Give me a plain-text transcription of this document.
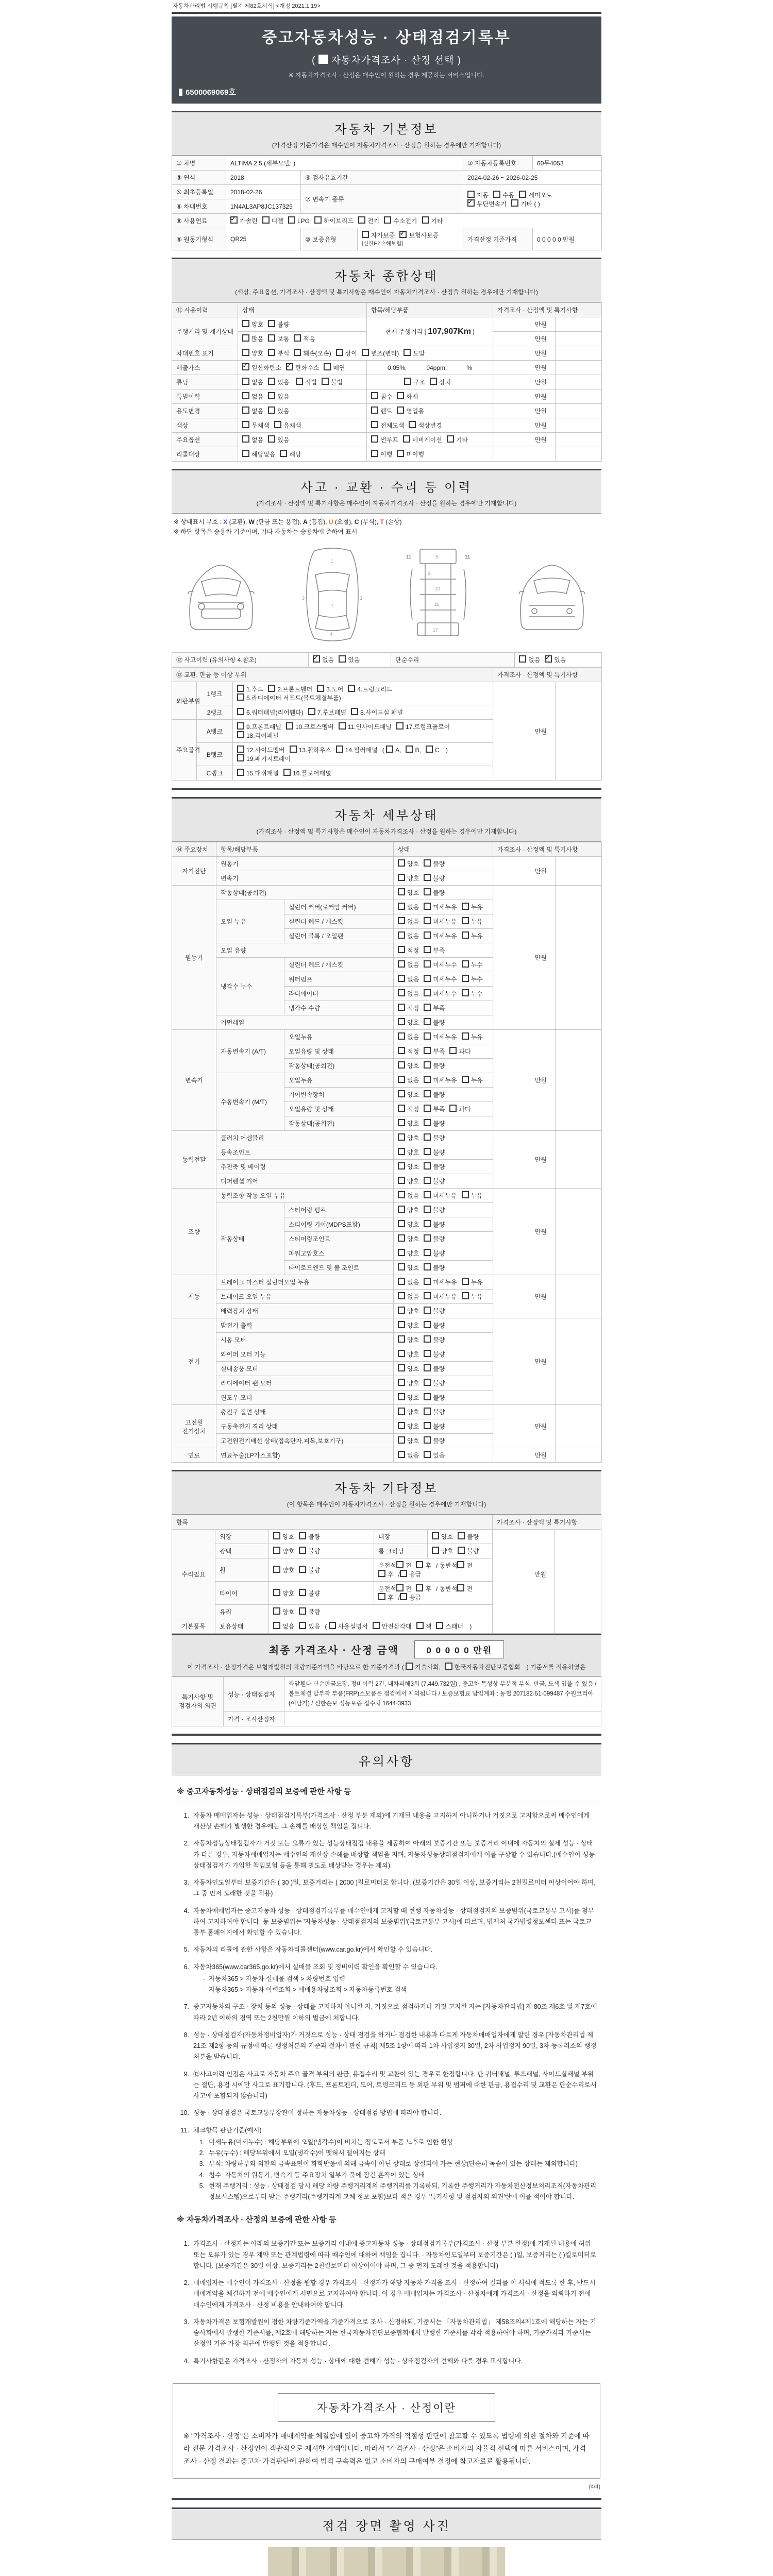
자동차관리법 시행규칙 [별지 제82호서식] <개정 2021.1.19>
중고자동차성능 · 상태점검기록부
( 자동차가격조사 · 산정 선택 )
※ 자동차가격조사 · 산정은 매수인이 원하는 경우 제공하는 서비스입니다.
6500069069호
자동차 기본정보
(가격산정 기준가격은 매수인이 자동차가격조사 · 산정을 원하는 경우에만 기재합니다)
① 차명	ALTIMA 2.5 (세부모델: )			② 자동차등록번호	60무4053
③ 연식	2018	④ 검사유효기간		2024-02-26 ~ 2026-02-25	
⑤ 최초등록일	2018-02-26	⑦ 변속기 종류		자동 수동 세미오토
✓무단변속기 기타 ( )
⑥ 차대번호	1N4AL3AP8JC137329				
⑧ 사용연료	✓가솔린 디젤 LPG 하이브리드 전기 수소전기 기타
⑨ 원동기형식	QR25	⑩ 보증유형	자가보증 ✓ 보험사보증[신한EZ손해보험]	가격산정 기준가격	0 0 0 0 0 만원
자동차 종합상태
(색상, 주요옵션, 가격조사 · 산정액 및 특기사항은 매수인이 자동차가격조사 · 산정을 원하는 경우에만 기재합니다)
⑪ 사용이력	상태	항목/해당부품	가격조사 · 산정액 및 특기사항	
주행거리 및 계기상태	양호 불량	현재 주행거리 [ 107,907Km ]	만원	
	많음 보통 적음		만원	
차대번호 표기	양호 부식 훼손(오손) 상이 변조(변타) 도말		만원	
배출가스	✓일산화탄소 ✓ 탄화수소 매연	0.05%, 04ppm, %	만원	
튜닝	없음 있음 적법 불법	구조 장치	만원	
특별이력	없음 있음	침수 화재	만원	
용도변경	없음 있음	렌트 영업용	만원	
색상	무채색 유채색	전체도색 색상변경	만원	
주요옵션	없음 있음	썬루프 네비게이션 기타	만원	
리콜대상	해당없음 해당	이행 미이행		
사고 · 교환 · 수리 등 이력
(가격조사 · 산정액 및 특기사항은 매수인이 자동차가격조사 · 산정을 원하는 경우에만 기재합니다)
※ 상태표시 부호 : X (교환), W (판금 또는 용접), A (흠집), U (요철), C (부식), T (손상)
※ 하단 항목은 승용차 기준이며, 기타 자동차는 승용차에 준하여 표시
1
3	3
7
4
5
9
10
16
17
11	11
⑫ 사고이력 (유의사항 4.참조)	✓없음 있음	단순수리	없음 ✓ 있음
⑬ 교환, 판금 등 이상 부위			가격조사 · 산정액 및 특기사항	
외판부위	1랭크	1.후드 2.프론트휀더 3.도어 4.트렁크리드
5.라디에이터 서포트(볼트체결부품)	만원	
	2랭크	6.쿼터패널(리어휀다) 7.루브패널 8.사이드실 패널		
주요골격	A랭크	9.프론트패널 10.크로스멤버 11.인사이드패널 17.트렁크플로어
18.리어패널		
	B랭크	12.사이드멤버 13.휠하우스 14.필러패널 ( A, B, C )
19.패키지트레이		
	C랭크	15.대쉬패널 16.플로어패널		
자동차 세부상태
(가격조사 · 산정액 및 특기사항은 매수인이 자동차가격조사 · 산정을 원하는 경우에만 기재합니다)
⑭ 주요장치	항목/해당부품		상태	가격조사 · 산정액 및 특기사항	
자기진단	원동기		양호 불량	만원	
	변속기		양호 불량		
원동기	작동상태(공회전)		양호 불량	만원	
	오일 누유	실린더 커버(로커암 커버)	없음 미세누유 누유		
		실린더 헤드 / 개스킷	없음 미세누유 누유		
		실린더 블록 / 오일팬	없음 미세누유 누유		
	오일 유량		적정 부족		
	냉각수 누수	실린더 헤드 / 개스킷	없음 미세누수 누수		
		워터펌프	없음 미세누수 누수		
		라디에이터	없음 미세누수 누수		
		냉각수 수량	적정 부족		
	커먼레일		양호 불량		
변속기	자동변속기 (A/T)	오일누유	없음 미세누유 누유	만원	
		오일유량 및 상태	적정 부족 과다		
		작동상태(공회전)	양호 불량		
	수동변속기 (M/T)	오일누유	없음 미세누유 누유		
		기어변속장치	양호 불량		
		오일유량 및 상태	적정 부족 과다		
		작동상태(공회전)	양호 불량		
동력전달	클러치 어셈블리		양호 불량	만원	
	등속조인트		양호 불량		
	추진축 및 베어링		양호 불량		
	디퍼렌셜 기어		양호 불량		
조향	동력조향 작동 오일 누유		없음 미세누유 누유	만원	
	작동상태	스티어링 펌프	양호 불량		
		스티어링 기어(MDPS포함)	양호 불량		
		스티어링조인트	양호 불량		
		파워고압호스	양호 불량		
		타이로드엔드 및 볼 조인트	양호 불량		
제동	브레이크 마스터 실린더오일 누유		없음 미세누유 누유	만원	
	브레이크 오일 누유		없음 미세누유 누유		
	배력장치 상태		양호 불량		
전기	발전기 출력		양호 불량	만원	
	시동 모터		양호 불량		
	와이퍼 모터 기능		양호 불량		
	실내송풍 모터		양호 불량		
	라디에이터 팬 모터		양호 불량		
	윈도우 모터		양호 불량		
고전원 전기장치	충전구 절연 상태		양호 불량	만원	
	구동축전지 격리 상태		양호 불량		
	고전원전기배선 상태(접속단자,피복,보호기구)		양호 불량		
연료	연료누출(LP가스포함)		없음 있음	만원	
자동차 기타정보
(이 항목은 매수인이 자동차가격조사 · 산정을 원하는 경우에만 기재합니다)
항목					가격조사 · 산정액 및 특기사항	
수리필요	외장	양호 불량	내장	양호 불량	만원	
	광택	양호 불량	룸 크리닝	양호 불량		
	휠	양호 불량	운전석 전 후 / 동반석 전후 / 응급			
	타이어	양호 불량	운전석 전 후 / 동반석 전후 / 응급			
	유리	양호 불량				
기본품목	보유상태	없음 있음 ( 사용설명서 안전삼각대 잭 스패너 )				
최종 가격조사 · 산정 금액	0 0 0 0 0 만원
이 가격조사 · 산정가격은 보험개발원의 차량기준가액을 바탕으로 한 기준가격과 ( 기술사회, 한국자동차진단보증협회 ) 기준서를 적용하였음
특기사항 및 점검자의 의견	성능 · 상태점검자	좌앞휀다 단순판금도장, 정비이력 2건, 내차피해3회 (7,449,732원) , 중고차 특성상 부분적 부식, 판금, 도색 있을 수 있음 / 볼트체결 탈부착 부품(FRP)소모품은 점검에서 제외됩니다 / 보증보험료 납입계좌 : 농협 207182-51-099487 수원코리아(이남기) / 신한손보 성능보증 접수처 1644-3933
	가격 · 조사산정자	
유의사항
※ 중고자동차성능 · 상태점검의 보증에 관한 사항 등
1. 자동차 매매업자는 성능 · 상태점검기록부(가격조사 · 산정 부분 제외)에 기재된 내용을 고지하지 아니하거나 거짓으로 고지함으로써 매수인에게 재산상 손해가 발생한 경우에는 그 손해를 배상할 책임을 집니다.
2. 자동차성능상태점검자가 거짓 또는 오류가 있는 성능상태점검 내용을 제공하여 아래의 보증기간 또는 보증거리 이내에 자동차의 실제 성능 · 상태가 다른 경우, 자동차매매업자는 매수인의 재산상 손해를 배상할 책임을 지며, 자동차성능상태점검자에게 이를 구상할 수 있습니다.(매수인이 성능상태점검자가 가입한 책임보험 등을 통해 별도로 배상받는 경우는 제외)
3. 자동차인도일부터 보증기간은 ( 30 )일, 보증거리는 ( 2000 )킬로미터로 합니다. (보증기간은 30일 이상, 보증거리는 2천킬로미터 이상이어야 하며, 그 중 먼저 도래한 것을 적용)
4. 자동차매매업자는 중고자동차 성능 · 상태점검기록부를 매수인에게 고지할 때 현행 자동차성능 · 상태점검지의 보증범위(국토교통부 고시)를 첨부하여 고지하여야 합니다. 동 보증범위는 '자동차성능 · 상태점검지의 보증범위'(국토교통부 고시)에 따르며, 법제처 국가법령정보센터 또는 국토교통부 홈페이지에서 확인할 수 있습니다.
5. 자동차의 리콜에 관한 사항은 자동차리콜센터(www.car.go.kr)에서 확인할 수 있습니다.
6. 자동차365(www.car365.go.kr)에서 실매물 조회 및 정비이력 확인을 확인할 수 있습니다.
- 자동차365 > 자동차 실매물 검색 > 차량번호 입력
- 자동차365 > 자동차 이력조회 > 매매용차량조회 > 자동차등록번호 검색
7. 중고자동차의 구조 · 장치 등의 성능 · 상태를 고지하지 아니한 자, 거짓으로 점검하거나 거짓 고지한 자는 [자동차관리법] 제 80조 제6호 및 제7호에 따라 2년 이하의 징역 또는 2천만원 이하의 벌금에 처합니다.
8. 성능 · 상태점검자(자동차정비업자)가 거짓으로 성능 · 상태 점검을 하거나 점검한 내용과 다르게 자동차매매업자에게 알린 경우 [자동차관리법 제21조 제2항 등의 규정에 따른 행정처분의 기준과 절차에 관한 규칙] 제5조 1항에 따라 1차 사업정지 30일, 2차 사업정지 90일, 3차 등록취소의 행정처분을 받습니다.
9. ⑫사고이력 인정은 사고로 자동차 주요 골격 부위의 판금, 용접수리 및 교환이 있는 경우로 한정합니다. 단 쿼터패널, 루프패널, 사이드실패널 부위는 절단, 용접 시에만 사고로 표기합니다. (후드, 프론트펜더, 도어, 트렁크리드 등 외판 부위 및 범퍼에 대한 판금, 용접수리 및 교환은 단순수리로서 사고에 포함되지 않습니다)
10. 성능 · 상태점검은 국토교통부장관이 정하는 자동차성능 · 상태점검 방법에 따라야 합니다.
11. 체크항목 판단기준(예시)
1. 미세누유(미세누수) : 해당부위에 오일(냉각수)이 비치는 정도로서 부품 노후로 인한 현상
2. 누유(누수) : 해당부위에서 오일(냉각수)이 맺혀서 떨어지는 상태
3. 부식: 차량하부와 외판의 금속표면이 화학반응에 의해 금속이 아닌 상태로 상실되어 가는 현상(단순히 녹슬어 있는 상태는 제외합니다)
4. 침수: 자동차의 원동기, 변속기 등 주요장치 일부가 물에 잠긴 흔적이 있는 상태
5. 현재 주행거리 : 성능 · 상태점검 당시 해당 차량 주행거리계의 주행거리를 기록하되, 기록한 주행거리가 자동차전산정보처리조직(자동차관리정보시스템)으로부터 받은 주행거리(주행거리계 교체 정보 포함)보다 적은 경우 '특기사항 및 점검자의 의견'란에 이를 적어야 합니다.
※ 자동차가격조사 · 산정의 보증에 관한 사항 등
1. 가격조사 · 산정자는 아래의 보증기간 또는 보증거리 이내에 중고자동차 성능 · 상태점검기록부(가격조사 · 산정 부분 한정)에 기재된 내용에 허위 또는 오류가 있는 경우 계약 또는 관계법령에 따라 매수인에 대하여 책임을 집니다. · 자동차인도일부터 보증기간은 ( )일, 보증거리는 ( )킬로미터로 합니다. (보증기간은 30일 이상, 보증거리는 2천킬로미터 이상이어야 하며, 그 중 먼저 도래한 것을 적용합니다)
2. 매매업자는 매수인이 가격조사 · 산정을 원할 경우 가격조사 · 산정자가 해당 자동차 가격을 조사 · 산정하여 결과를 이 서식에 적도록 한 후, 반드시 매매계약을 체결하기 전에 매수인에게 서면으로 고지하여야 합니다. 이 경우 매매업자는 가격조사 · 산정자에게 가격조사 · 산정을 의뢰하기 전에 매수인에게 가격조사 · 산정 비용을 안내하여야 합니다.
3. 자동차가격은 보험개발원이 정한 차량기준가액을 기준가격으로 조사 · 산정하되, 기준서는 「자동차관리법」 제58조의4제1호에 해당하는 자는 기술사회에서 발행한 기준서를, 제2호에 해당하는 자는 한국자동차진단보증협회에서 발행한 기준서를 각각 적용하여야 하며, 기준가격과 기준서는 산정일 기준 가장 최근에 발행된 것을 적용합니다.
4. 특기사항란은 가격조사 · 산정자의 자동차 성능 · 상태에 대한 견해가 성능 · 상태점검자의 견해와 다를 경우 표시합니다.
자동차가격조사 · 산정이란
※ "가격조사 · 산정"은 소비자가 매매계약을 체결함에 있어 중고차 가격의 적절성 판단에 참고할 수 있도록 법령에 의한 절차와 기준에 따라 전문 가격조사 · 산정인이 객관적으로 제시한 가액입니다. 따라서 "가격조사 · 산정"은 소비자의 자율적 선택에 따른 서비스이며, 가격조사 · 산정 결과는 중고차 가격판단에 관하여 법적 구속력은 없고 소비자의 구매여부 결정에 참고자료로 활용됩니다.
(4/4)
점검 장면 촬영 사진
